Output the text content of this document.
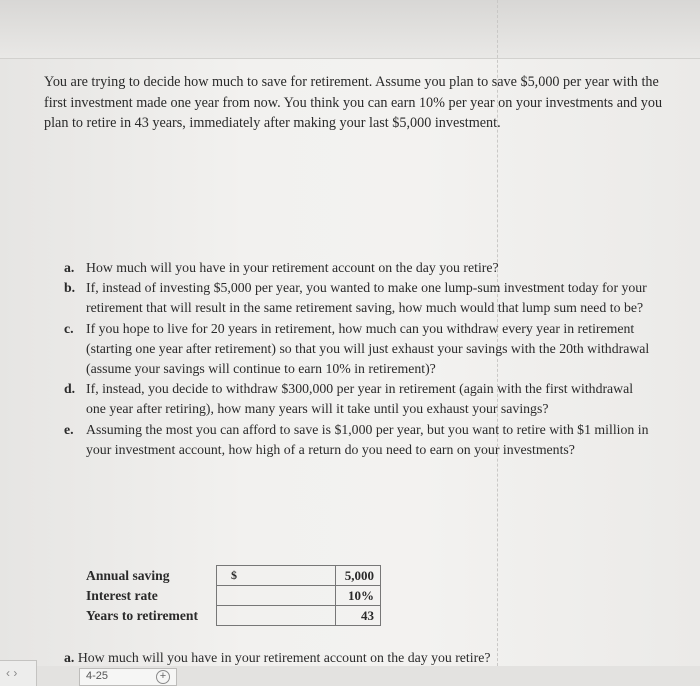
You are trying to decide how much to save for retirement. Assume you plan to save $5,000 per year with the first investment made one year from now. You think you can earn 10% per year on your investments and you plan to retire in 43 years, immediately after making your last $5,000 investment.

a. How much will you have in your retirement account on the day you retire?

b. If, instead of investing $5,000 per year, you wanted to make one lump-sum investment today for your retirement that will result in the same retirement saving, how much would that lump sum need to be?

c. If you hope to live for 20 years in retirement, how much can you withdraw every year in retirement (starting one year after retirement) so that you will just exhaust your savings with the 20th withdrawal (assume your savings will continue to earn 10% in retirement)?

d. If, instead, you decide to withdraw $300,000 per year in retirement (again with the first withdrawal one year after retiring), how many years will it take until you exhaust your savings?

e. Assuming the most you can afford to save is $1,000 per year, but you want to retire with $1 million in your investment account, how high of a return do you need to earn on your investments?

Annual saving	$	5,000
Interest rate		10%
Years to retirement		43

a. How much will you have in your retirement account on the day you retire?

‹ ›	4-25	+
